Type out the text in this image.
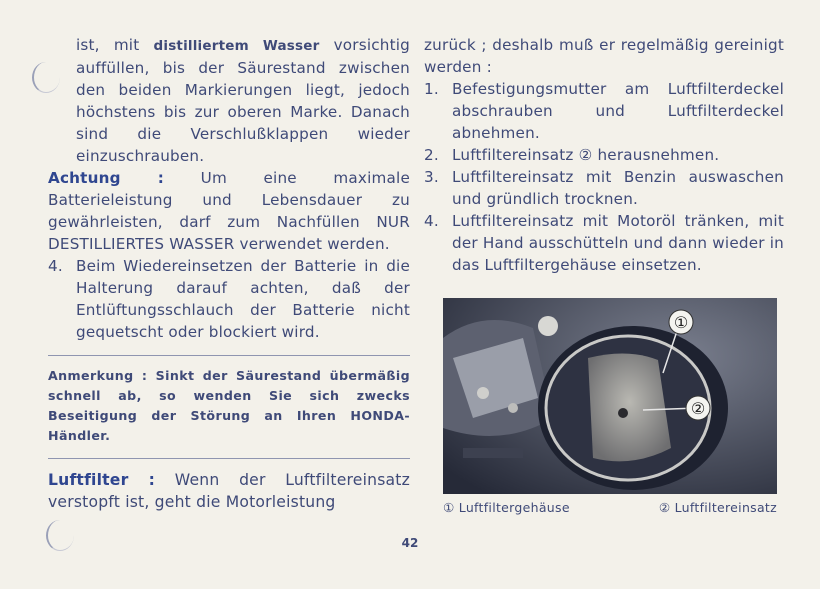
ist, mit distilliertem Wasser vorsichtig auffüllen, bis der Säurestand zwischen den beiden Markierungen liegt, jedoch höchstens bis zur oberen Marke. Danach sind die Verschlußklappen wieder einzuschrauben.

Achtung : Um eine maximale Batterieleistung und Lebensdauer zu gewährleisten, darf zum Nachfüllen NUR DESTILLIERTES WASSER verwendet werden.

4. Beim Wiedereinsetzen der Batterie in die Halterung darauf achten, daß der Entlüftungsschlauch der Batterie nicht gequetscht oder blockiert wird.

Anmerkung : Sinkt der Säurestand übermäßig schnell ab, so wenden Sie sich zwecks Beseitigung der Störung an Ihren HONDA-Händler.

Luftfilter : Wenn der Luftfiltereinsatz verstopft ist, geht die Motorleistung

zurück ; deshalb muß er regelmäßig gereinigt werden :

1. Befestigungsmutter am Luftfilterdeckel abschrauben und Luftfilterdeckel abnehmen.

2. Luftfiltereinsatz ② herausnehmen.

3. Luftfiltereinsatz mit Benzin auswaschen und gründlich trocknen.

4. Luftfiltereinsatz mit Motoröl tränken, mit der Hand ausschütteln und dann wieder in das Luftfiltergehäuse einsetzen.

①
②
① Luftfiltergehäuse	② Luftfiltereinsatz
42
